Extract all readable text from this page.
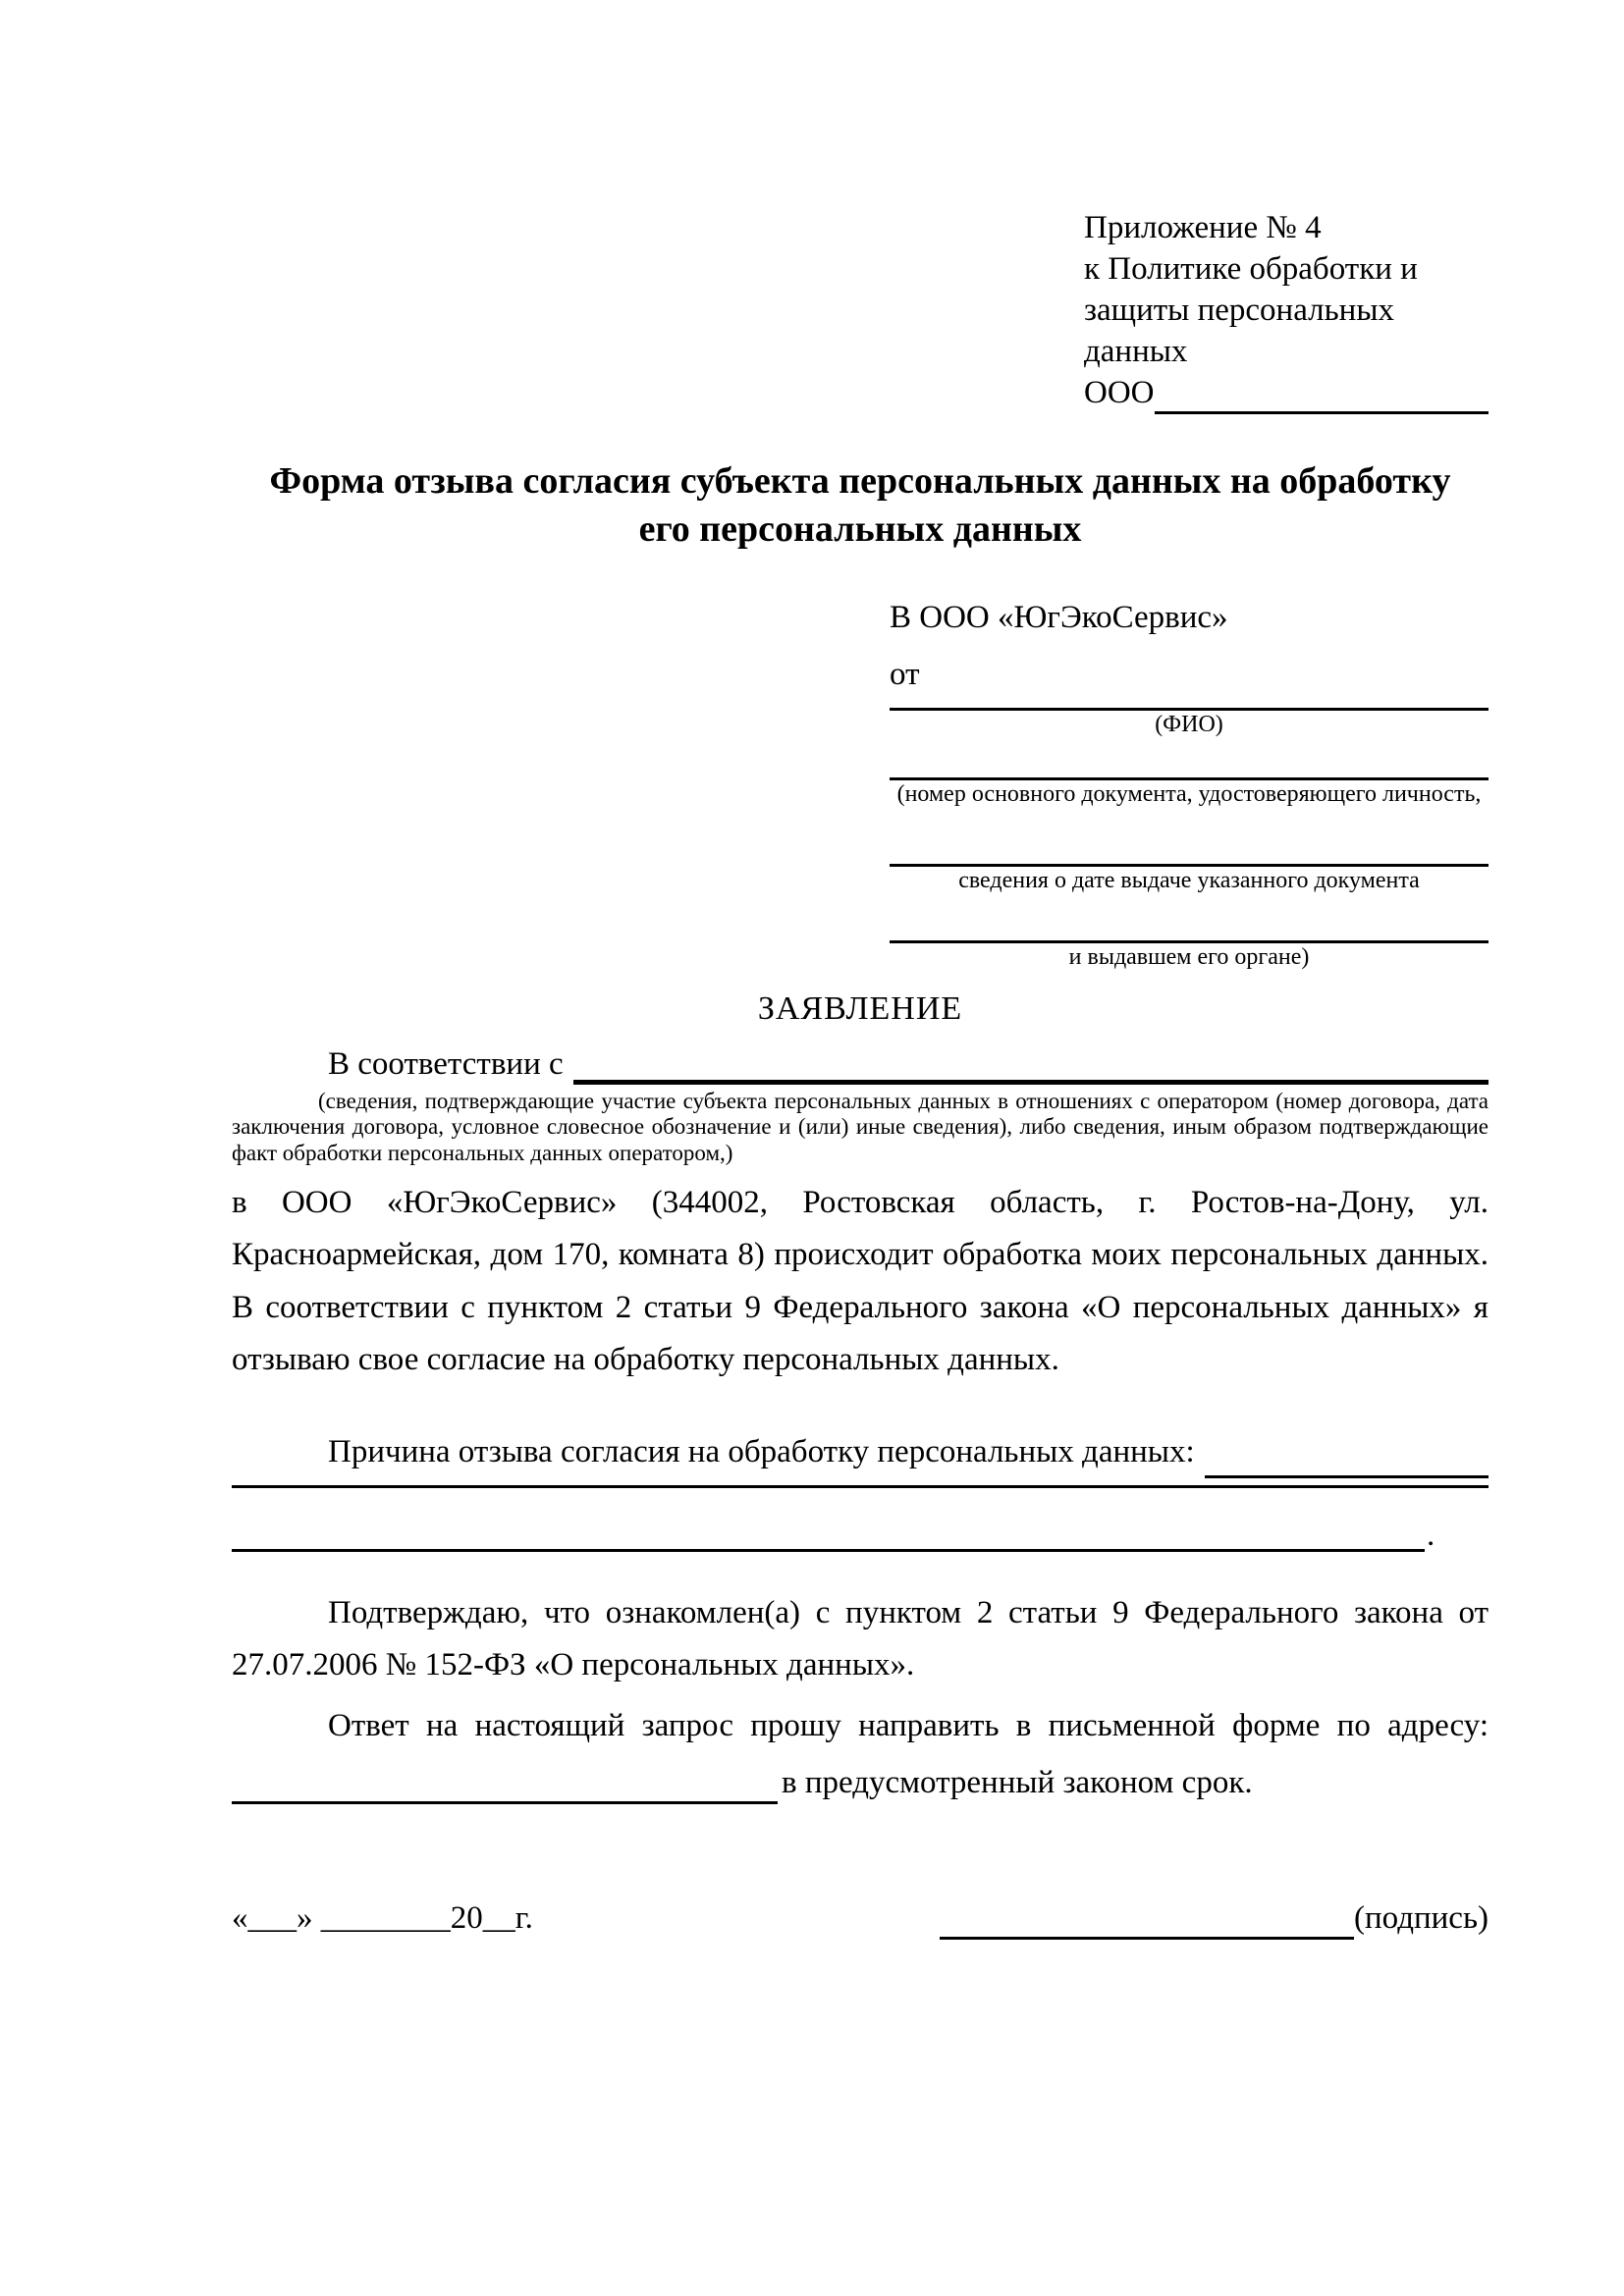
Приложение № 4
к Политике обработки и
защиты персональных данных
ООО
Форма отзыва согласия субъекта персональных данных на обработку его персональных данных
В ООО «ЮгЭкоСервис»
от
(ФИО)
(номер основного документа, удостоверяющего личность,
сведения о дате выдаче указанного документа
и выдавшем его органе)
ЗАЯВЛЕНИЕ
В соответствии с
(сведения, подтверждающие участие субъекта персональных данных в отношениях с оператором (номер договора, дата заключения договора, условное словесное обозначение и (или) иные сведения), либо сведения, иным образом подтверждающие факт обработки персональных данных оператором,)
в ООО «ЮгЭкоСервис» (344002, Ростовская область, г. Ростов-на-Дону, ул. Красноармейская, дом 170, комната 8) происходит обработка моих персональных данных. В соответствии с пунктом 2 статьи 9 Федерального закона «О персональных данных» я отзываю свое согласие на обработку персональных данных.
Причина отзыва согласия на обработку персональных данных:
.
Подтверждаю, что ознакомлен(а) с пунктом 2 статьи 9 Федерального закона от 27.07.2006 № 152-ФЗ «О персональных данных».
Ответ на настоящий запрос прошу направить в письменной форме по адресу:
в предусмотренный законом срок.
«___» ________20__г.	(подпись)
